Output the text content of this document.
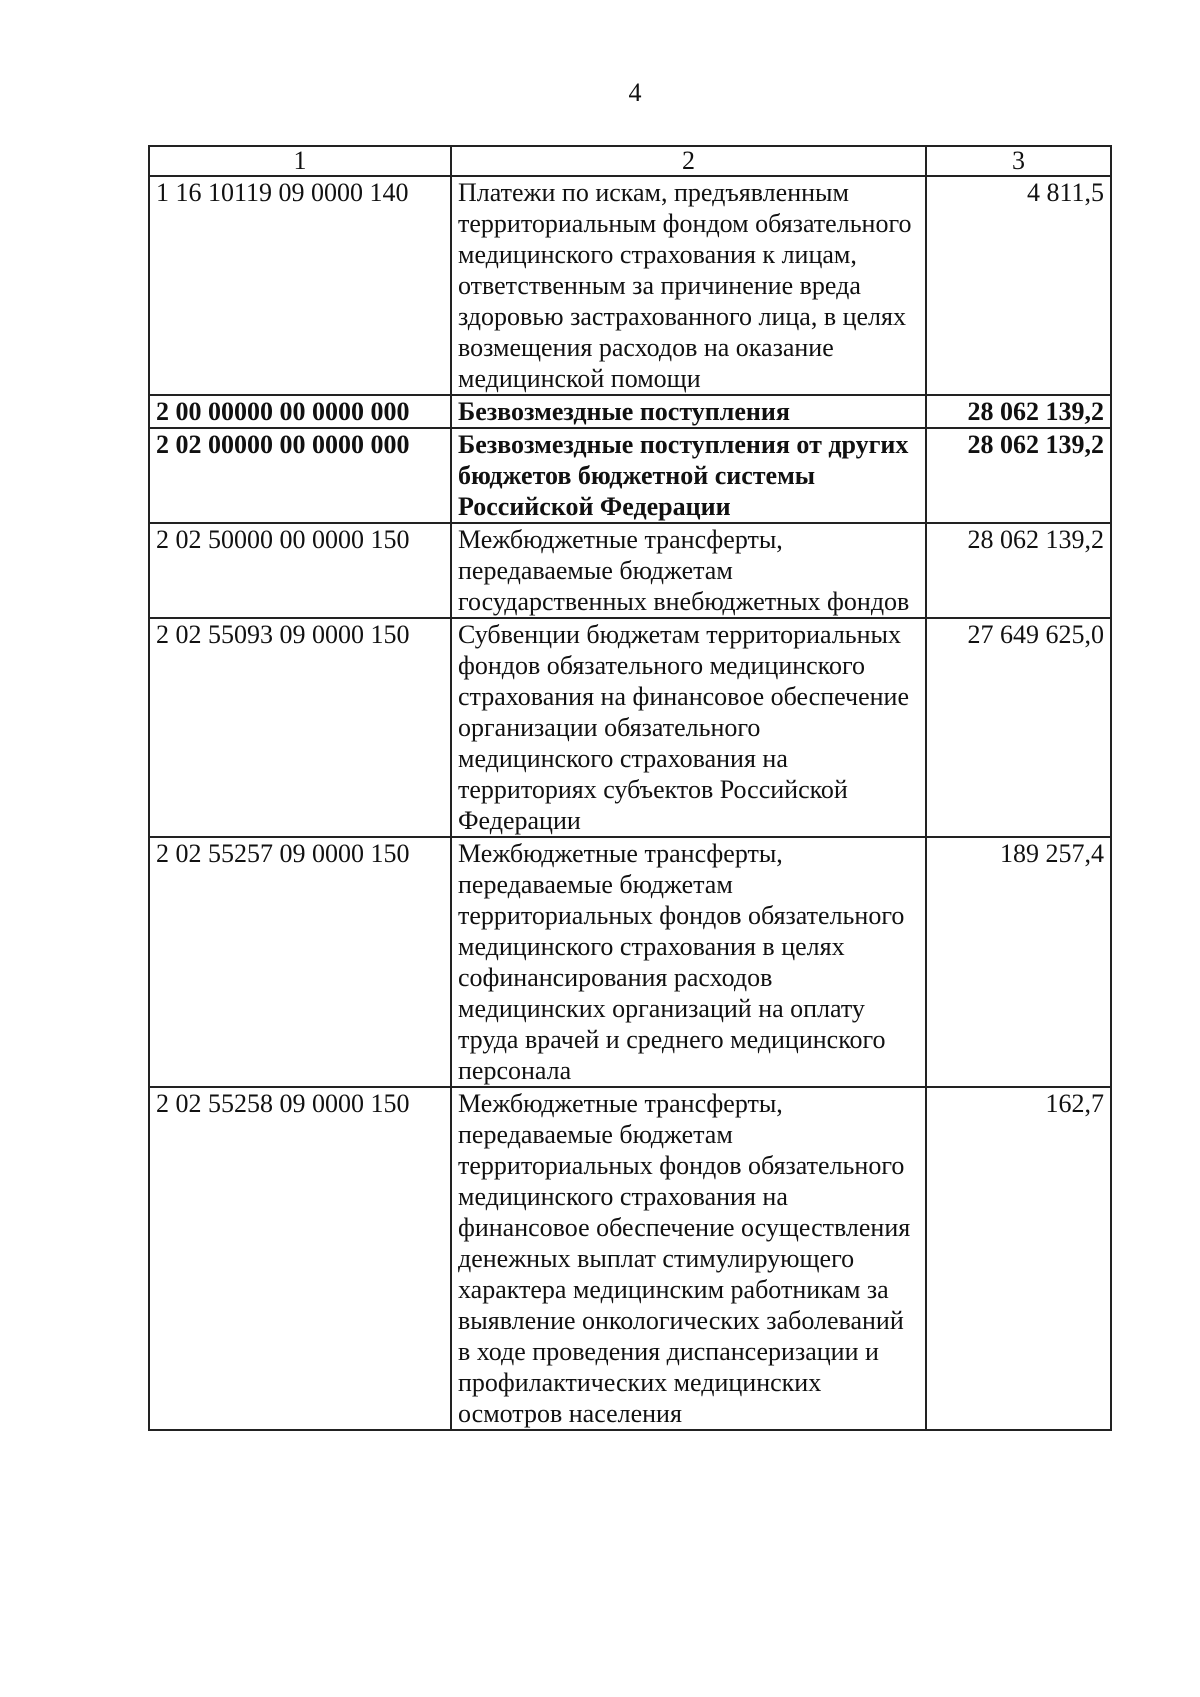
4
1	2	3
1 16 10119 09 0000 140	Платежи по искам, предъявленным территориальным фондом обязательного медицинского страхования к лицам, ответственным за причинение вреда здоровью застрахованного лица, в целях возмещения расходов на оказание медицинской помощи	4 811,5
2 00 00000 00 0000 000	Безвозмездные поступления	28 062 139,2
2 02 00000 00 0000 000	Безвозмездные поступления от других бюджетов бюджетной системы Российской Федерации	28 062 139,2
2 02 50000 00 0000 150	Межбюджетные трансферты, передаваемые бюджетам государственных внебюджетных фондов	28 062 139,2
2 02 55093 09 0000 150	Субвенции бюджетам территориальных фондов обязательного медицинского страхования на финансовое обеспечение организации обязательного медицинского страхования на территориях субъектов Российской Федерации	27 649 625,0
2 02 55257 09 0000 150	Межбюджетные трансферты, передаваемые бюджетам территориальных фондов обязательного медицинского страхования в целях софинансирования расходов медицинских организаций на оплату труда врачей и среднего медицинского персонала	189 257,4
2 02 55258 09 0000 150	Межбюджетные трансферты, передаваемые бюджетам территориальных фондов обязательного медицинского страхования на финансовое обеспечение осуществления денежных выплат стимулирующего характера медицинским работникам за выявление онкологических заболеваний в ходе проведения диспансеризации и профилактических медицинских осмотров населения	162,7
